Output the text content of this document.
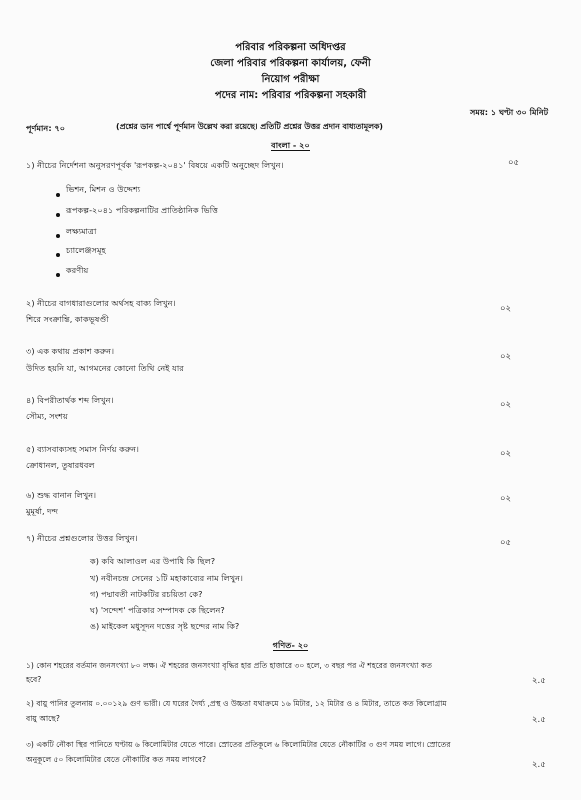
পরিবার পরিকল্পনা অধিদপ্তর
জেলা পরিবার পরিকল্পনা কার্যালয়, ফেনী
নিয়োগ পরীক্ষা
পদের নাম: পরিবার পরিকল্পনা সহকারী
পূর্ণমান: ৭০	(প্রশ্নের ডান পার্শ্বে পূর্ণমান উল্লেখ করা রয়েছে। প্রতিটি প্রশ্নের উত্তর প্রদান বাধ্যতামূলক)
সময়: ১ ঘণ্টা ৩০ মিনিট
বাংলা - ২০
১) নীচের নির্দেশনা অনুসরণপূর্বক 'রূপকল্প-২০৪১' বিষয়ে একটি অনুচ্ছেদ লিখুন।	০৫
ভিশন, মিশন ও উদ্দেশ্য
রূপকল্প-২০৪১ পরিকল্পনাটির প্রাতিষ্ঠানিক ভিত্তি
লক্ষ্যমাত্রা
চ্যালেঞ্জসমূহ
করণীয়
২) নীচের বাগধারাগুলোর অর্থসহ বাক্য লিখুন।
শিরে সংক্রান্তি, কাকভূষণ্ডী
০২
৩) এক কথায় প্রকাশ করুন।
উদিত হয়নি যা, আগমনের কোনো তিথি নেই যার
০২
৪) বিপরীতার্থক শব্দ লিখুন।
সৌম্য, সংশয়
০২
৫) ব্যাসবাক্যসহ সমাস নির্ণয় করুন।
ক্রোধানল, তুষারধবল
০২
৬) শুদ্ধ বানান লিখুন।
মুমূর্ষা, দন্দ
০২
৭) নীচের প্রশ্নগুলোর উত্তর লিখুন।	০৫
ক) কবি আলাওল এর উপাধি কি ছিল?
খ) নবীনচন্দ্র সেনের ১টি মহাকাব্যের নাম লিখুন।
গ) পদ্মাবতী নাটকটির রচয়িতা কে?
ঘ) 'সন্দেশ' পত্রিকার সম্পাদক কে ছিলেন?
ঙ) মাইকেল মধুসূদন দত্তের সৃষ্ট ছন্দের নাম কি?
গণিত- ২০
১) কোন শহরের বর্তমান জনসংখ্যা ৮০ লক্ষ। ঐ শহরের জনসংখ্যা বৃদ্ধির হার প্রতি হাজারে ৩০ হলে, ৩ বছর পর ঐ শহরের জনসংখ্যা কত
হবে?	২.৫
২) বায়ু পানির তুলনায় ০.০০১২৯ গুণ ভারী। যে ঘরের দৈর্ঘ্য ,প্রস্থ ও উচ্চতা যথাক্রমে ১৬ মিটার, ১২ মিটার ও ৪ মিটার, তাতে কত কিলোগ্রাম
বায়ু আছে?	২.৫
৩) একটি নৌকা স্থির পানিতে ঘণ্টায় ৬ কিলোমিটার যেতে পারে। স্রোতের প্রতিকূলে ৬ কিলোমিটার যেতে নৌকাটির ৩ গুণ সময় লাগে। স্রোতের
অনুকূলে ৫০ কিলোমিটার যেতে নৌকাটির কত সময় লাগবে?
২.৫
